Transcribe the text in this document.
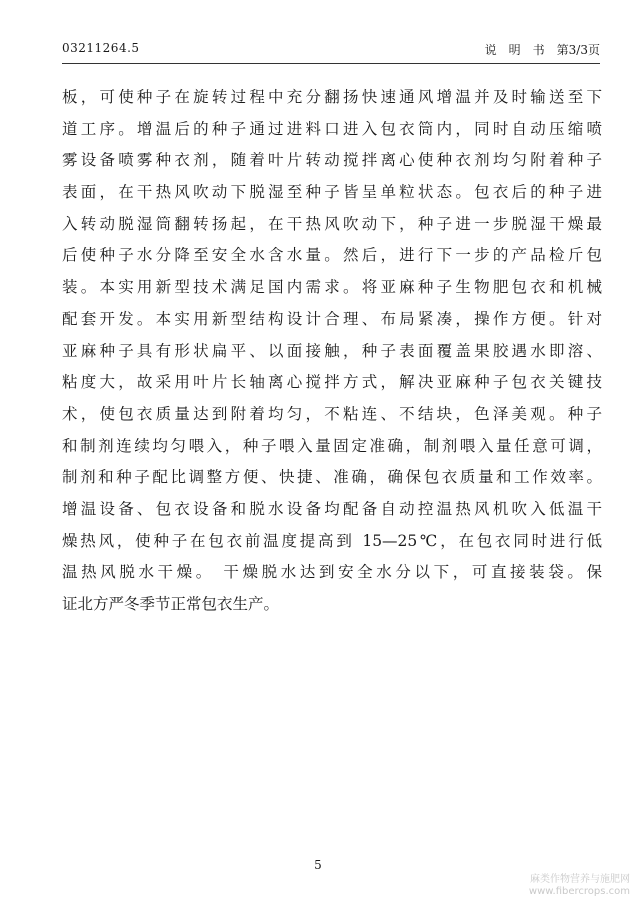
03211264.5	说　明　书　第3/3页
板，可使种子在旋转过程中充分翻扬快速通风增温并及时输送至下
道工序。增温后的种子通过进料口进入包衣筒内，同时自动压缩喷
雾设备喷雾种衣剂，随着叶片转动搅拌离心使种衣剂均匀附着种子
表面，在干热风吹动下脱湿至种子皆呈单粒状态。包衣后的种子进
入转动脱湿筒翻转扬起，在干热风吹动下，种子进一步脱湿干燥最
后使种子水分降至安全水含水量。然后，进行下一步的产品检斤包
装。本实用新型技术满足国内需求。将亚麻种子生物肥包衣和机械
配套开发。本实用新型结构设计合理、布局紧凑，操作方便。针对
亚麻种子具有形状扁平、以面接触，种子表面覆盖果胶遇水即溶、
粘度大，故采用叶片长轴离心搅拌方式，解决亚麻种子包衣关键技
术，使包衣质量达到附着均匀，不粘连、不结块，色泽美观。种子
和制剂连续均匀喂入，种子喂入量固定准确，制剂喂入量任意可调，
制剂和种子配比调整方便、快捷、准确，确保包衣质量和工作效率。
增温设备、包衣设备和脱水设备均配备自动控温热风机吹入低温干
燥热风，使种子在包衣前温度提高到 15—25℃，在包衣同时进行低
温热风脱水干燥。 干燥脱水达到安全水分以下，可直接装袋。保
证北方严冬季节正常包衣生产。
5
麻类作物营养与施肥网
www.fibercrops.com
